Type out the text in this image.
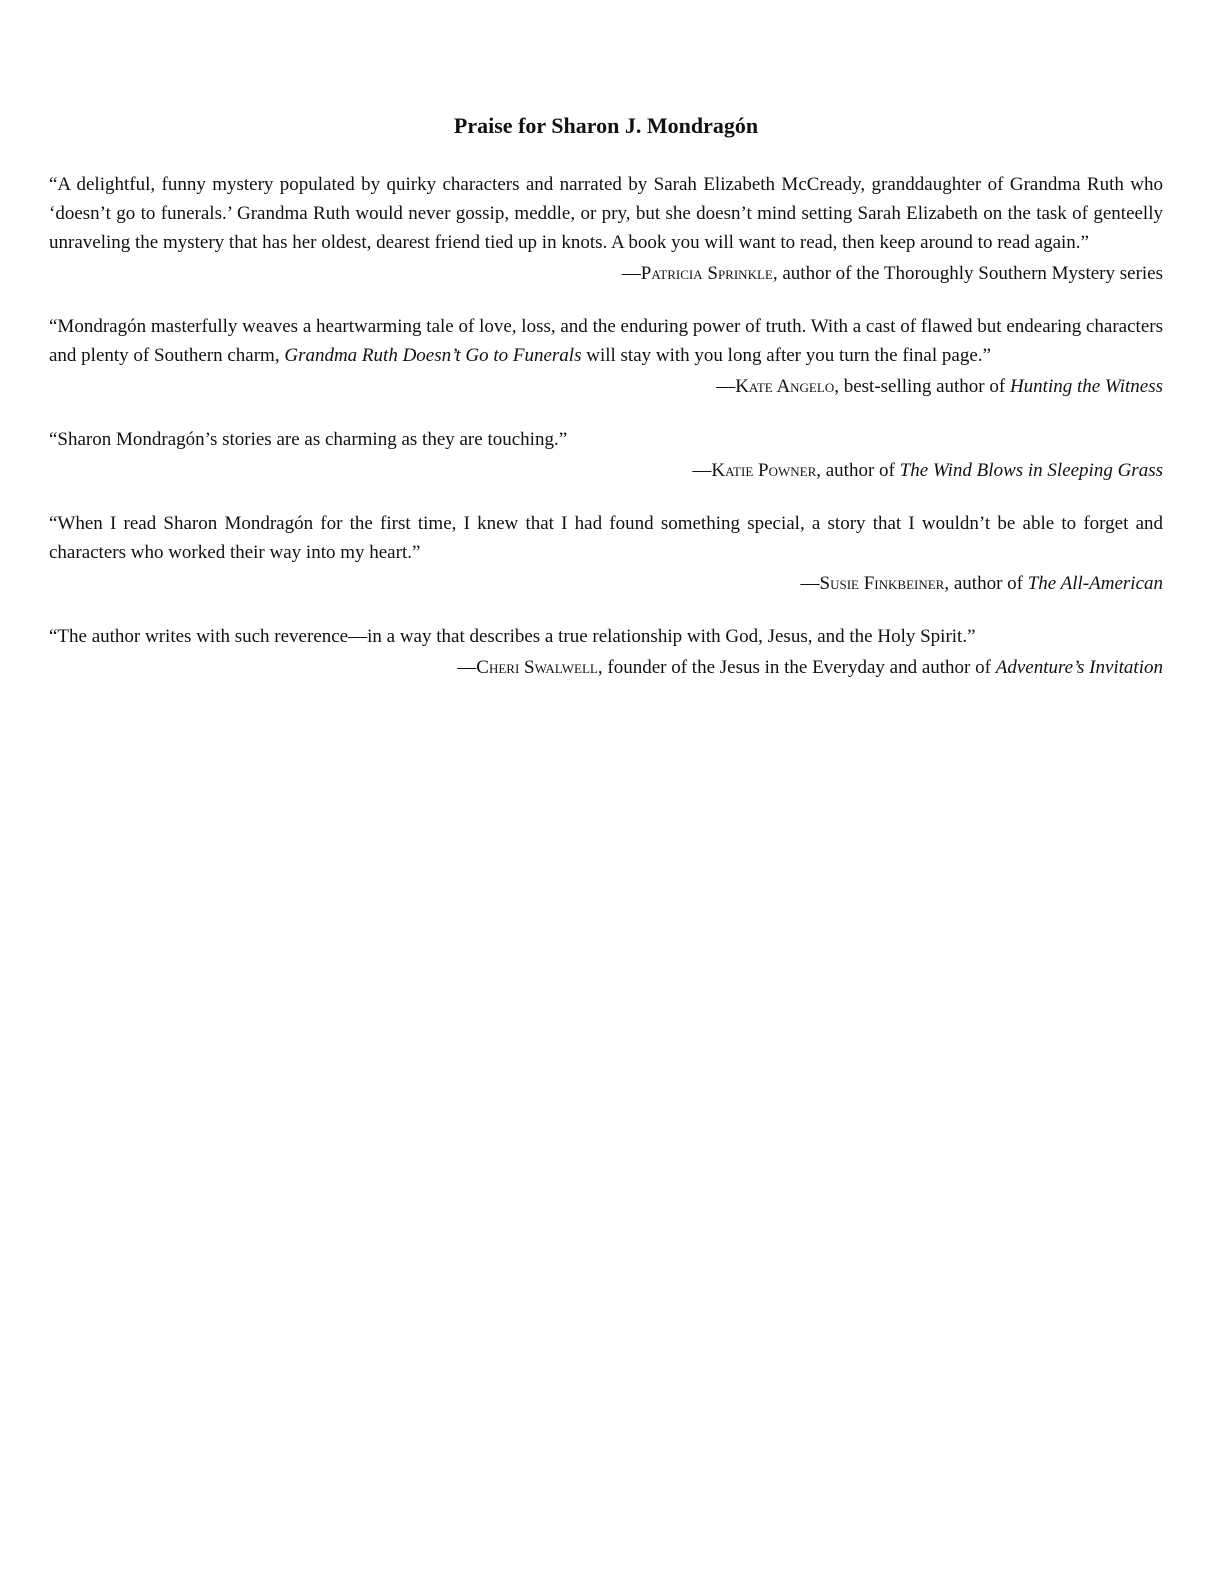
Praise for Sharon J. Mondragón

“A delightful, funny mystery populated by quirky characters and narrated by Sarah Elizabeth McCready, granddaughter of Grandma Ruth who ‘doesn’t go to funerals.’ Grandma Ruth would never gossip, meddle, or pry, but she doesn’t mind setting Sarah Elizabeth on the task of genteelly unraveling the mystery that has her oldest, dearest friend tied up in knots. A book you will want to read, then keep around to read again.”

—Patricia Sprinkle, author of the Thoroughly Southern Mystery series

“Mondragón masterfully weaves a heartwarming tale of love, loss, and the enduring power of truth. With a cast of flawed but endearing characters and plenty of Southern charm, Grandma Ruth Doesn’t Go to Funerals will stay with you long after you turn the final page.”

—Kate Angelo, best-selling author of Hunting the Witness

“Sharon Mondragón’s stories are as charming as they are touching.”

—Katie Powner, author of The Wind Blows in Sleeping Grass

“When I read Sharon Mondragón for the first time, I knew that I had found something special, a story that I wouldn’t be able to forget and characters who worked their way into my heart.”

—Susie Finkbeiner, author of The All-American

“The author writes with such reverence—in a way that describes a true relationship with God, Jesus, and the Holy Spirit.”

—Cheri Swalwell, founder of the Jesus in the Everyday and author of Adventure’s Invitation
